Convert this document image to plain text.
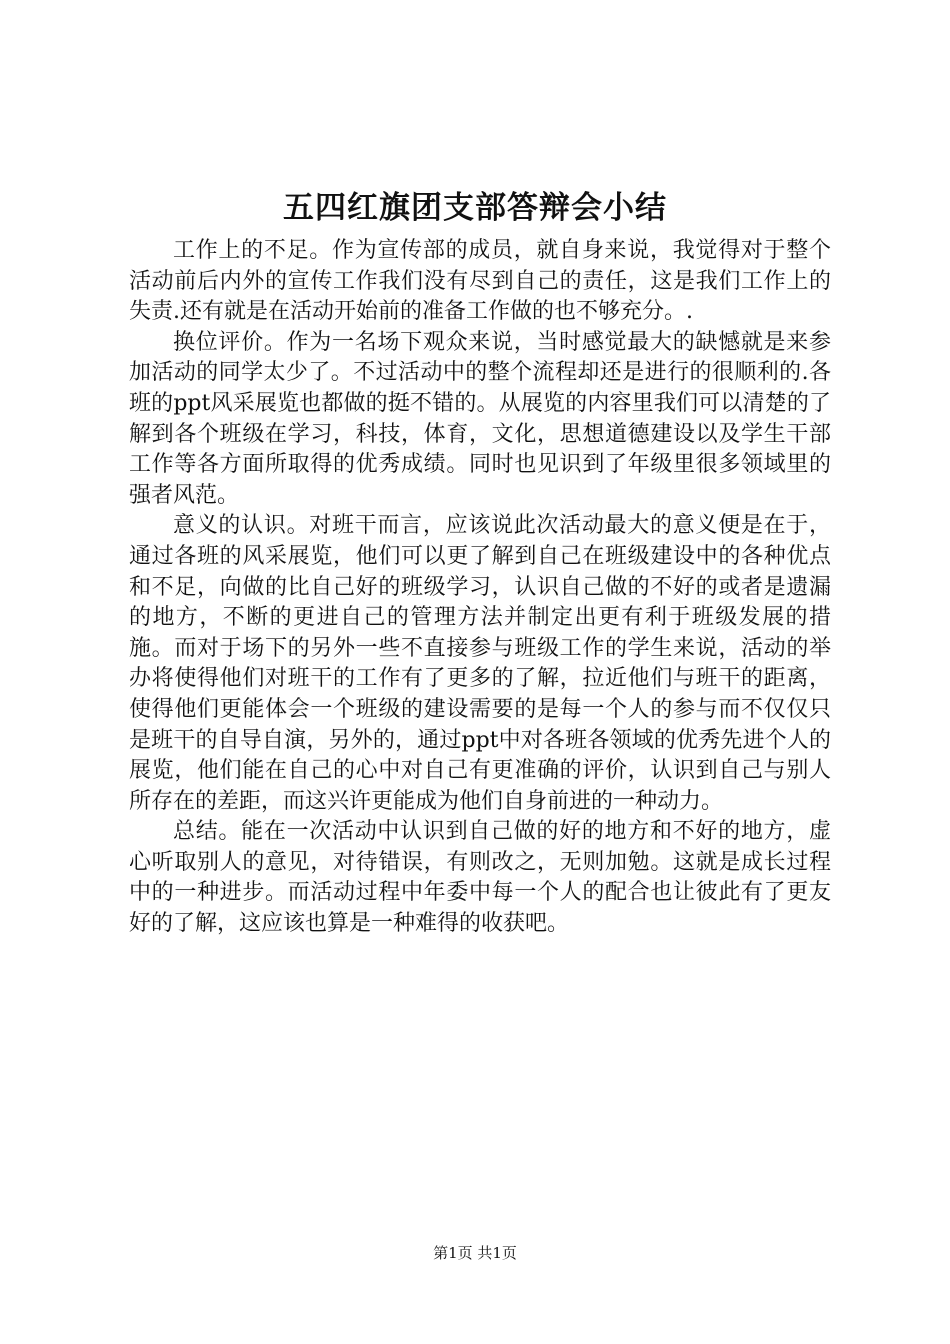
五四红旗团支部答辩会小结

工作上的不足。作为宣传部的成员，就自身来说，我觉得对于整个活动前后内外的宣传工作我们没有尽到自己的责任，这是我们工作上的失责.还有就是在活动开始前的准备工作做的也不够充分。.

换位评价。作为一名场下观众来说，当时感觉最大的缺憾就是来参加活动的同学太少了。不过活动中的整个流程却还是进行的很顺利的.各班的ppt风采展览也都做的挺不错的。从展览的内容里我们可以清楚的了解到各个班级在学习，科技，体育，文化，思想道德建设以及学生干部工作等各方面所取得的优秀成绩。同时也见识到了年级里很多领域里的强者风范。

意义的认识。对班干而言，应该说此次活动最大的意义便是在于，通过各班的风采展览，他们可以更了解到自己在班级建设中的各种优点和不足，向做的比自己好的班级学习，认识自己做的不好的或者是遗漏的地方，不断的更进自己的管理方法并制定出更有利于班级发展的措施。而对于场下的另外一些不直接参与班级工作的学生来说，活动的举办将使得他们对班干的工作有了更多的了解，拉近他们与班干的距离，使得他们更能体会一个班级的建设需要的是每一个人的参与而不仅仅只是班干的自导自演，另外的，通过ppt中对各班各领域的优秀先进个人的展览，他们能在自己的心中对自己有更准确的评价，认识到自己与别人所存在的差距，而这兴许更能成为他们自身前进的一种动力。

总结。能在一次活动中认识到自己做的好的地方和不好的地方，虚心听取别人的意见，对待错误，有则改之，无则加勉。这就是成长过程中的一种进步。而活动过程中年委中每一个人的配合也让彼此有了更友好的了解，这应该也算是一种难得的收获吧。

第1页 共1页
